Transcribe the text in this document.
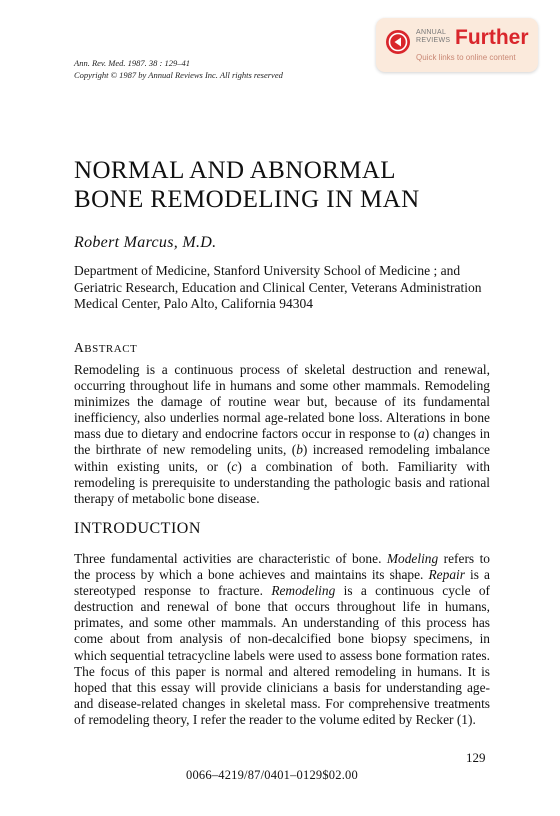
ANNUAL
REVIEWS Further
Quick links to online content
Ann. Rev. Med. 1987. 38 : 129–41
Copyright © 1987 by Annual Reviews Inc. All rights reserved
NORMAL AND ABNORMAL
BONE REMODELING IN MAN
Robert Marcus, M.D.
Department of Medicine, Stanford University School of Medicine ; and Geriatric Research, Education and Clinical Center, Veterans Administration Medical Center, Palo Alto, California 94304
ABSTRACT
Remodeling is a continuous process of skeletal destruction and renewal, occurring throughout life in humans and some other mammals. Remodeling minimizes the damage of routine wear but, because of its fundamental inefficiency, also underlies normal age-related bone loss. Alterations in bone mass due to dietary and endocrine factors occur in response to (a) changes in the birthrate of new remodeling units, (b) increased remodeling imbalance within existing units, or (c) a combination of both. Familiarity with remodeling is prerequisite to understanding the pathologic basis and rational therapy of metabolic bone disease.
INTRODUCTION
Three fundamental activities are characteristic of bone. Modeling refers to the process by which a bone achieves and maintains its shape. Repair is a stereotyped response to fracture. Remodeling is a continuous cycle of destruction and renewal of bone that occurs throughout life in humans, primates, and some other mammals. An understanding of this process has come about from analysis of non-decalcified bone biopsy specimens, in which sequential tetracycline labels were used to assess bone formation rates. The focus of this paper is normal and altered remodeling in humans. It is hoped that this essay will provide clinicians a basis for understanding age- and disease-related changes in skeletal mass. For comprehensive treatments of remodeling theory, I refer the reader to the volume edited by Recker (1).
129
0066–4219/87/0401–0129$02.00
